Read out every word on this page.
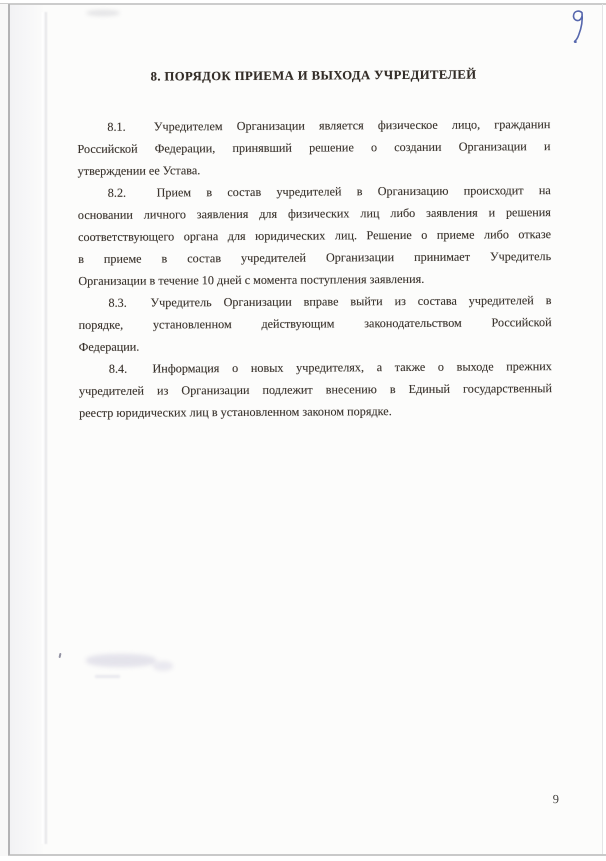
8. ПОРЯДОК ПРИЕМА И ВЫХОДА УЧРЕДИТЕЛЕЙ
8.1.  Учредителем Организации является физическое лицо, гражданин
Российской Федерации, принявший решение о создании Организации и
утверждении ее Устава.
8.2.  Прием в состав учредителей в Организацию происходит на
основании личного заявления для физических лиц либо заявления и решения
соответствующего органа для юридических лиц. Решение о приеме либо отказе
в приеме в состав учредителей Организации принимает Учредитель
Организации в течение 10 дней с момента поступления заявления.
8.3.  Учредитель Организации вправе выйти из состава учредителей в
порядке, установленном действующим законодательством Российской
Федерации.
8.4.  Информация о новых учредителях, а также о выходе прежних
учредителей из Организации подлежит внесению в Единый государственный
реестр юридических лиц в установленном законом порядке.
9
